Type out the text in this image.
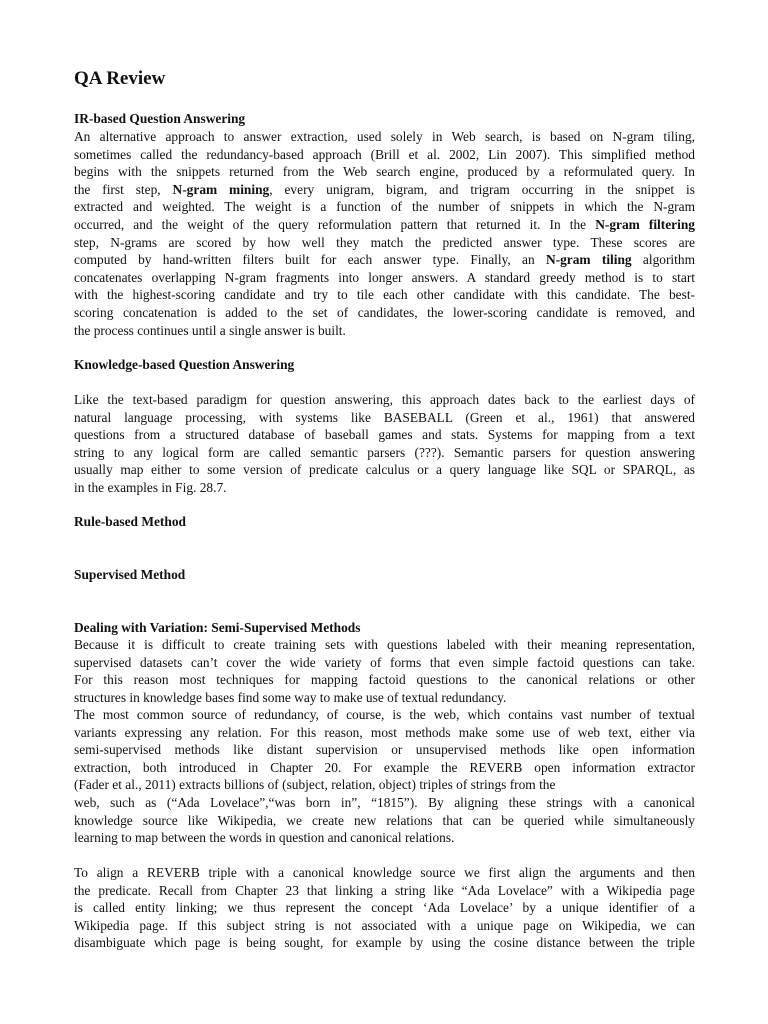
QA Review
IR-based Question Answering
An alternative approach to answer extraction, used solely in Web search, is based on N-gram tiling,
sometimes called the redundancy-based approach (Brill et al. 2002, Lin 2007). This simplified method
begins with the snippets returned from the Web search engine, produced by a reformulated query. In
the first step, N-gram mining, every unigram, bigram, and trigram occurring in the snippet is
extracted and weighted. The weight is a function of the number of snippets in which the N-gram
occurred, and the weight of the query reformulation pattern that returned it. In the N-gram filtering
step, N-grams are scored by how well they match the predicted answer type. These scores are
computed by hand-written filters built for each answer type. Finally, an N-gram tiling algorithm
concatenates overlapping N-gram fragments into longer answers. A standard greedy method is to start
with the highest-scoring candidate and try to tile each other candidate with this candidate. The best-
scoring concatenation is added to the set of candidates, the lower-scoring candidate is removed, and
the process continues until a single answer is built.
Knowledge-based Question Answering
Like the text-based paradigm for question answering, this approach dates back to the earliest days of
natural language processing, with systems like BASEBALL (Green et al., 1961) that answered
questions from a structured database of baseball games and stats. Systems for mapping from a text
string to any logical form are called semantic parsers (???). Semantic parsers for question answering
usually map either to some version of predicate calculus or a query language like SQL or SPARQL, as
in the examples in Fig. 28.7.
Rule-based Method
Supervised Method
Dealing with Variation: Semi-Supervised Methods
Because it is difficult to create training sets with questions labeled with their meaning representation,
supervised datasets can’t cover the wide variety of forms that even simple factoid questions can take.
For this reason most techniques for mapping factoid questions to the canonical relations or other
structures in knowledge bases find some way to make use of textual redundancy.
The most common source of redundancy, of course, is the web, which contains vast number of textual
variants expressing any relation. For this reason, most methods make some use of web text, either via
semi-supervised methods like distant supervision or unsupervised methods like open information
extraction, both introduced in Chapter 20. For example the REVERB open information extractor
(Fader et al., 2011) extracts billions of (subject, relation, object) triples of strings from the
web, such as (“Ada Lovelace”,“was born in”, “1815”). By aligning these strings with a canonical
knowledge source like Wikipedia, we create new relations that can be queried while simultaneously
learning to map between the words in question and canonical relations.
To align a REVERB triple with a canonical knowledge source we first align the arguments and then
the predicate. Recall from Chapter 23 that linking a string like “Ada Lovelace” with a Wikipedia page
is called entity linking; we thus represent the concept ‘Ada Lovelace’ by a unique identifier of a
Wikipedia page. If this subject string is not associated with a unique page on Wikipedia, we can
disambiguate which page is being sought, for example by using the cosine distance between the triple
